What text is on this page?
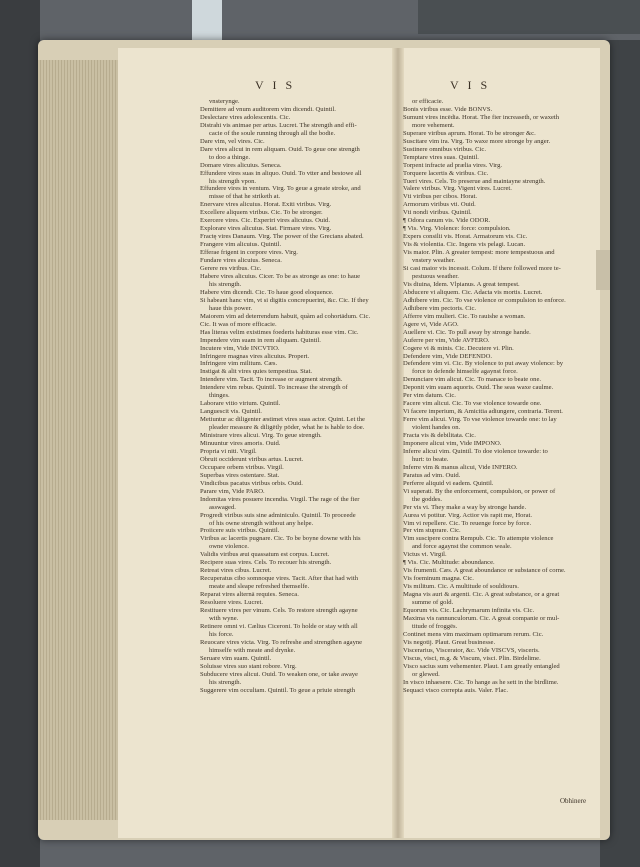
V I S	V I S
vnsterynge.
Demittere ad vnum auditorem vim dicendi. Quintil.
Deslectare vires adolescentis. Cic.
Distrahi vis animae per artus. Lucret. The strength and effi-
cacie of the soule running through all the bodie.
Dare vim, vel vires. Cic.
Dare vires alicui in rem aliquam. Ouid. To geue one strength
to doo a thinge.
Domare vires alicuius. Seneca.
Effundere vires suas in aliquo. Ouid. To vtter and bestowe all
his strength vpon.
Effundere vires in ventum. Virg. To geue a greate stroke, and
misse of that he striketh at.
Enervare vires alicuius. Horat. Exiti viribus. Virg.
Excellere aliquem viribus. Cic. To be stronger.
Exercere vires. Cic. Experiri vires alicuius. Ouid.
Explorare vires alicuius. Stat. Firmare vires. Virg.
Fractę vires Danaum. Virg. The power of the Grecians abated.
Frangere vim alicuius. Quintil.
Efferae frigent in corpore vires. Virg.
Fundare vires alicuius. Seneca.
Gerere res viribus. Cic.
Habere vires alicuius. Cicer. To be as stronge as one: to haue
his strength.
Habere vim dicendi. Cic. To haue good eloquence.
Si habeant hanc vim, vt si digitis concrepuerint, &c. Cic. If they
haue this power.
Maiorem vim ad deterrendum habuit, quàm ad cohortādum. Cic.
Cic. It was of more efficacie.
Has literas velim existimes foederis habituras esse vim. Cic.
Impendere vim suam in rem aliquam. Quintil.
Incutere vim, Vide INCVTIO.
Infringere magnas vires alicuius. Propert.
Infringere vim militum. Cæs.
Instigat & alit vires quies tempestiua. Stat.
Intendere vim. Tacit. To increase or augment strength.
Intendere vim rebus. Quintil. To increase the strength of
thinges.
Laborare vitio virium. Quintil.
Languescit vis. Quintil.
Metiuntur ac diligenter æstimet vires suas actor. Quint. Let the
pleader measure & diligētly pōder, what he is hable to doe.
Ministrare vires alicui. Virg. To geue strength.
Minuuntur vires amoris. Ouid.
Propria vi niti. Virgil.
Obruit occiderunt viribus artus. Lucret.
Occupare orbem viribus. Virgil.
Superbas vires ostentare. Stat.
Vindicibus pacatus viribus orbis. Ouid.
Parare vim, Vide PARO.
Indomitas vires posuere incendia. Virgil. The rage of the fier
asswaged.
Progredi viribus suis sine adminiculo. Quintil. To proceede
of his owne strength without any helpe.
Proiicere suis viribus. Quintil.
Viribus ac lacertis pugnare. Cic. To be boyne downe with his
owne violence.
Validis viribus æui quassatum est corpus. Lucret.
Recipere suas vires. Cels. To recouer his strength.
Retreat vires cibus. Lucret.
Recuperatus cibo somnoque vires. Tacit. After that had with
meate and sleape refreshed themselfe.
Reparat vires alternā requies. Seneca.
Resoluere vires. Lucret.
Restituere vires per vinum. Cels. To restore strength agayne
with wyne.
Retinere omni vi. Cælius Ciceroni. To holde or stay with all
his force.
Reuocare vires victa. Virg. To refreshe and strengthen agayne
himselfe with meate and drynke.
Seruare vim suam. Quintil.
Soluisse vires suo stant robore. Virg.
Subducere vires alicui. Ouid. To weaken one, or take awaye
his strength.
Suggerere vim occultam. Quintil. To geue a priuie strength
or efficacie.
Bonis viribus esse. Vide BONVS.
Sumunt vires incēdia. Horat. The fier increaseth, or waxeth
more vehement.
Superare viribus aprum. Horat. To be stronger &c.
Suscitare vim ira. Virg. To waxe more stronge by anger.
Sustinere omnibus viribus. Cic.
Temptare vires suas. Quintil.
Torpent infracte ad prælia vires. Virg.
Torquere lacertis & viribus. Cic.
Tueri vires. Cels. To preserue and maintayne strength.
Valere viribus. Virg. Vigent vires. Lucret.
Vti viribus per cibos. Horat.
Armorum viribus vti. Ouid.
Vti nondi viribus. Quintil.
¶ Odora canum vis. Vide ODOR.
¶ Vis. Virg. Violence: force: compulsion.
Expers consilii vis. Horat. Armatorum vis. Cic.
Vis & violentia. Cic. Ingens vis pelagi. Lucan.
Vis maior. Plin. A greater tempest: more tempestuous and
vnstery weather.
Si casi maior vis incessit. Colum. If there followed more te-
pestuous weather.
Vis diuina, Idem. Vlpianus. A great tempest.
Abducere vi aliquem. Cic. Adacta vis mortis. Lucret.
Adhibere vim. Cic. To vse violence or compulsion to enforce.
Adhibere vim pectoris. Cic.
Afferre vim mulieri. Cic. To rauishe a woman.
Agere vi, Vide AGO.
Auellere vi. Cic. To pull away by stronge hande.
Auferre per vim, Vide AVFERO.
Cogere vi & minis. Cic. Decutere vi. Plin.
Defendere vim, Vide DEFENDO.
Defendere vim vi. Cic. By violence to put away violence: by
force to defende himselfe agaynst force.
Denunciare vim alicui. Cic. To manace to beate one.
Deponit vim suam aquoris. Ouid. The seas waxe caulme.
Per vim datum. Cic.
Facere vim alicui. Cic. To vse violence towarde one.
Vi facere imperium, & Amicitia adiungere, contraria. Terent.
Ferre vim alicui. Virg. To vse violence towarde one: to lay
violent handes on.
Fracta vis & debilitata. Cic.
Imponere alicui vim, Vide IMPONO.
Inferre alicui vim. Quintil. To doe violence towarde: to
hurt: to beate.
Inferre vim & manus alicui, Vide INFERO.
Paratus ad vim. Ouid.
Perferre aliquid vi eadem. Quintil.
Vi superati. By the enforcement, compulsion, or power of
the goddes.
Per vis vi. They make a way by stronge hande.
Aurea vi potitur. Virg. Actior vis rapit me, Horat.
Vim vi repellere. Cic. To reuenge force by force.
Per vim stuprare. Cic.
Vim suscipere contra Rempub. Cic. To attempte violence
and force agaynst the common weale.
Victus vi. Virgil.
¶ Vis. Cic. Multitude: aboundance.
Vis frumenti. Cæs. A great aboundance or substance of corne.
Vis foeminum magna. Cic.
Vis militum. Cic. A multitude of souldiours.
Magna vis auri & argenti. Cic. A great substance, or a great
summe of gold.
Equorum vis. Cic. Lachrymarum infinita vis. Cic.
Maxima vis rannunculorum. Cic. A great companie or mul-
titude of froggēs.
Continet mens vim maximam optimarum rerum. Cic.
Vis negotij. Plaut. Great businesse.
Viscerarius, Viscerator, &c. Vide VISCVS, visceris.
Viscus, visci, m.g. & Viscum, visci. Plin. Birdelime.
Visco sacius sum vehementer. Plaut. I am greatly entangled
or glewed.
In visco inhaesere. Cic. To hange as he sett in the birdlime.
Sequaci visco correpta auis. Valer. Flac.
Obhinere
